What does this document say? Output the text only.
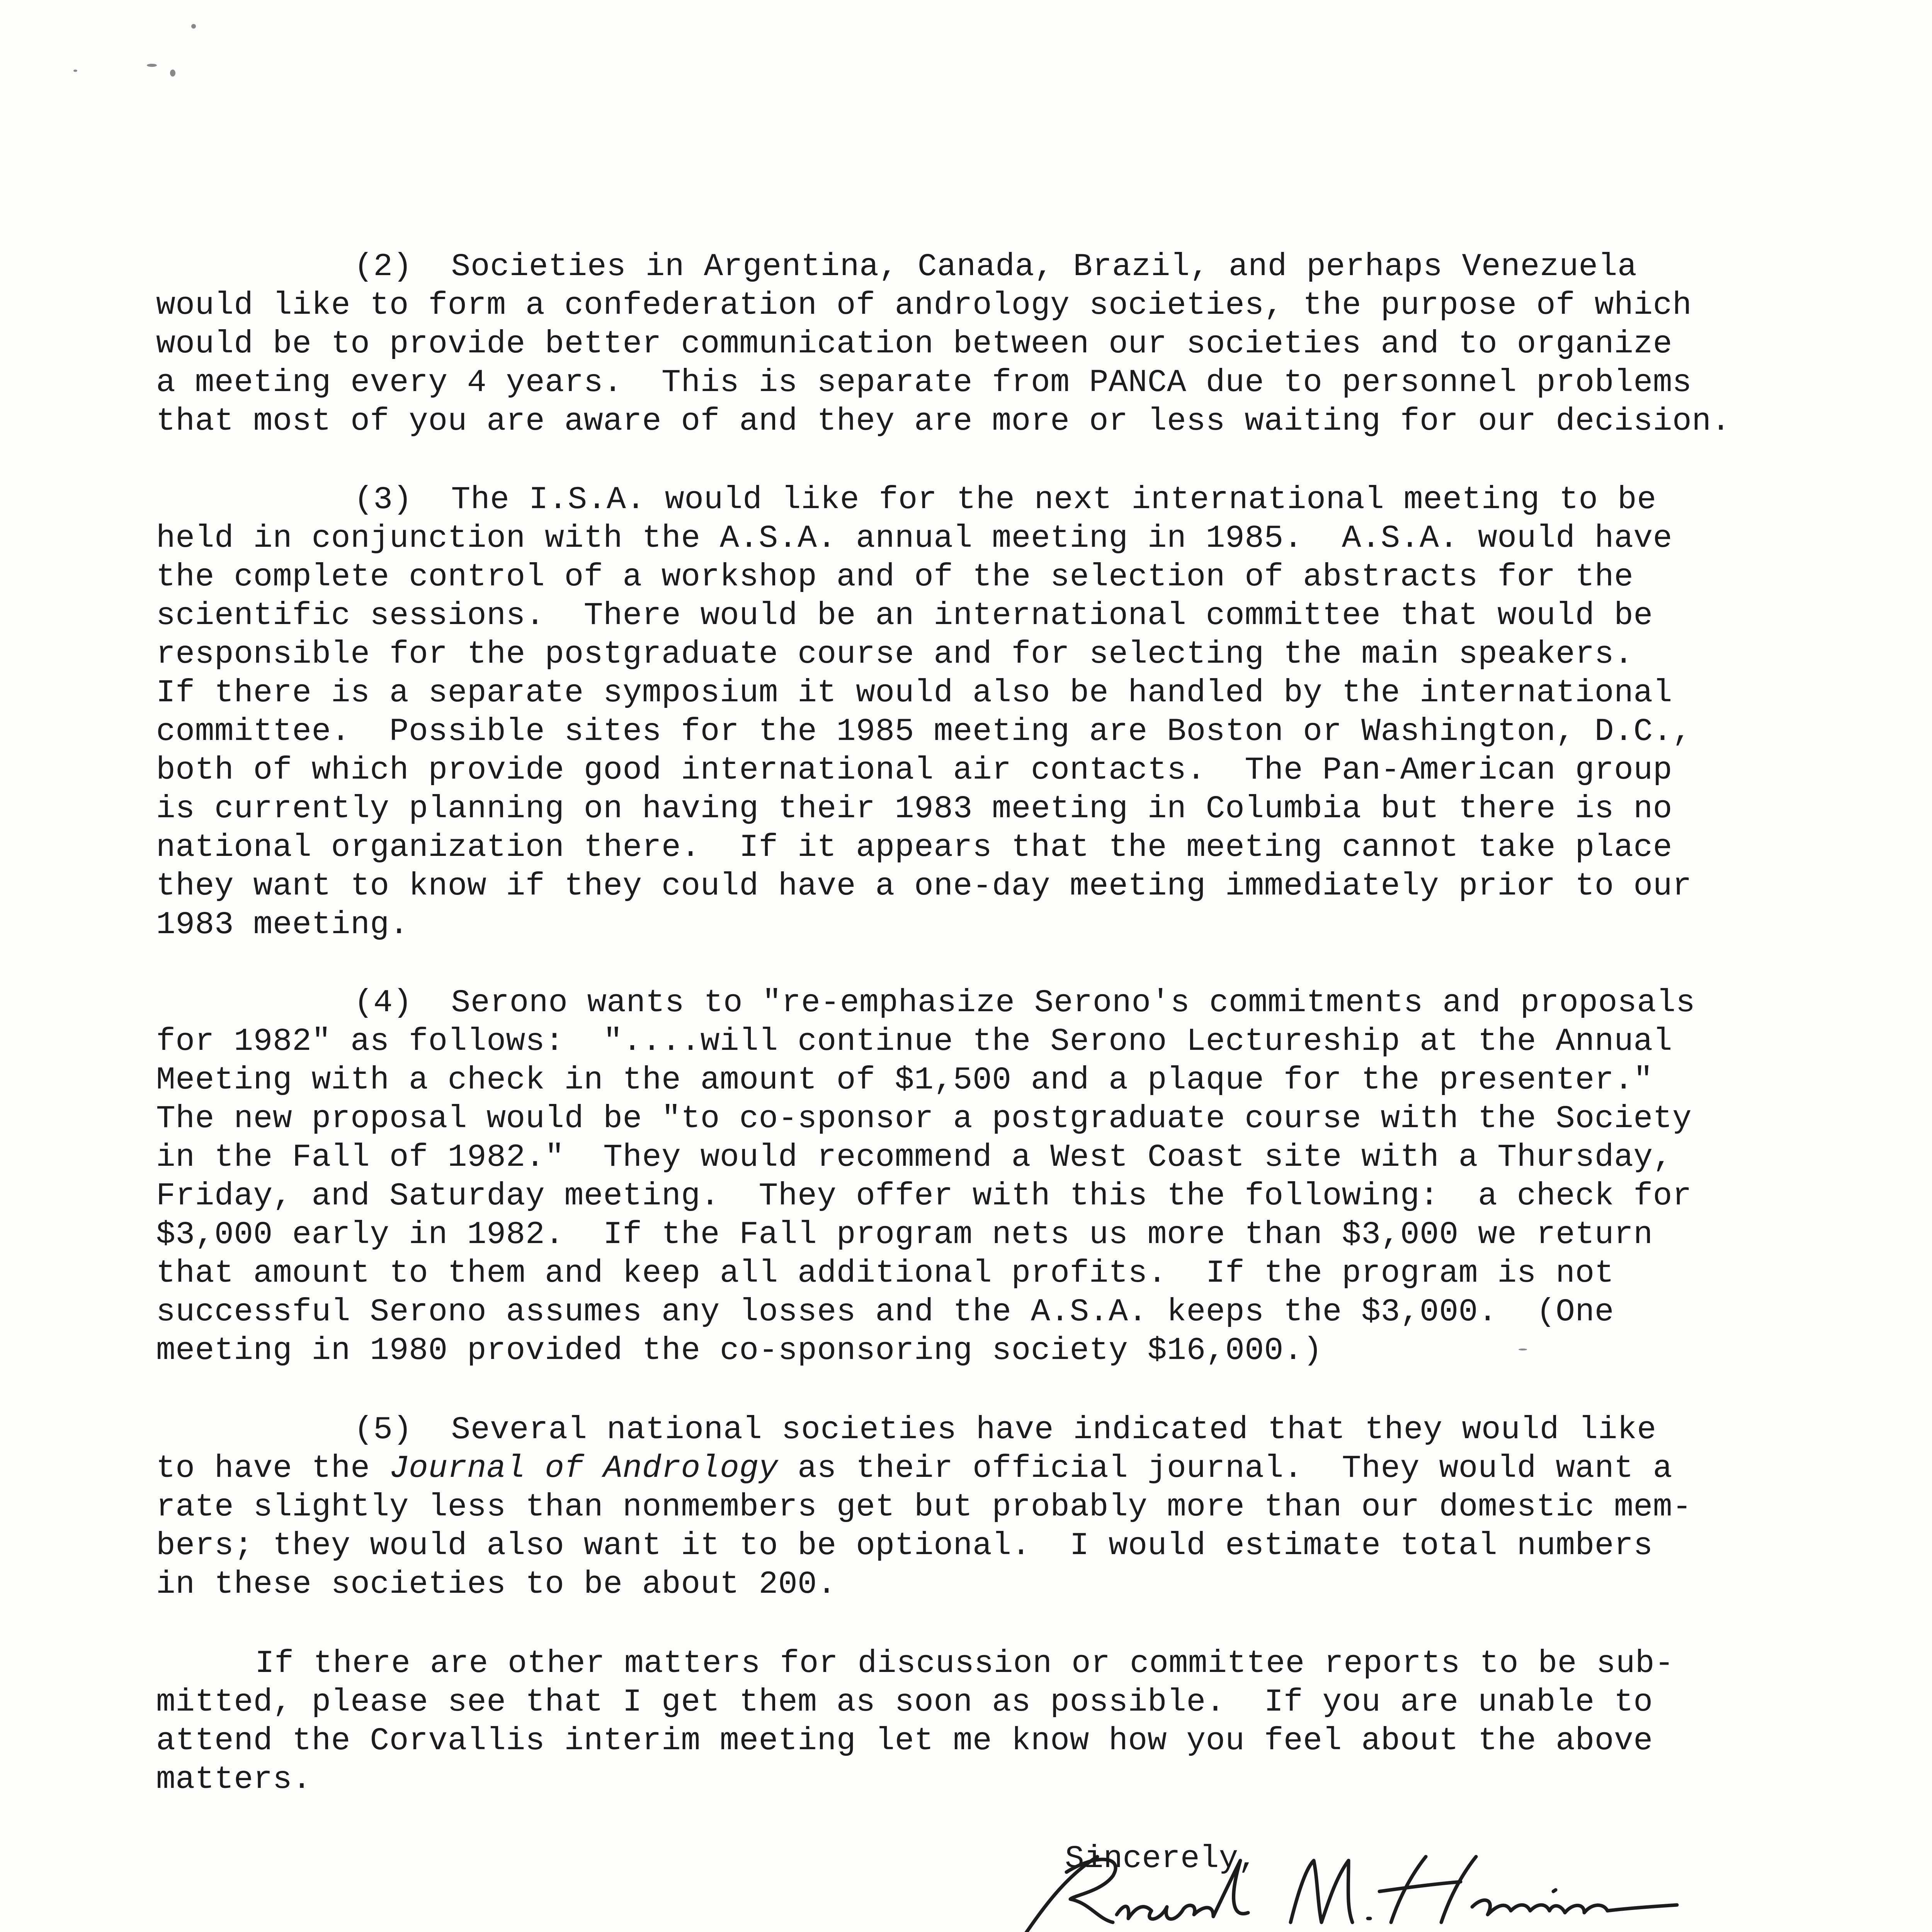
(2)  Societies in Argentina, Canada, Brazil, and perhaps Venezuela
would like to form a confederation of andrology societies, the purpose of which
would be to provide better communication between our societies and to organize
a meeting every 4 years.  This is separate from PANCA due to personnel problems
that most of you are aware of and they are more or less waiting for our decision.
(3)  The I.S.A. would like for the next international meeting to be
held in conjunction with the A.S.A. annual meeting in 1985.  A.S.A. would have
the complete control of a workshop and of the selection of abstracts for the
scientific sessions.  There would be an international committee that would be
responsible for the postgraduate course and for selecting the main speakers.
If there is a separate symposium it would also be handled by the international
committee.  Possible sites for the 1985 meeting are Boston or Washington, D.C.,
both of which provide good international air contacts.  The Pan-American group
is currently planning on having their 1983 meeting in Columbia but there is no
national organization there.  If it appears that the meeting cannot take place
they want to know if they could have a one-day meeting immediately prior to our
1983 meeting.
(4)  Serono wants to "re-emphasize Serono's commitments and proposals
for 1982" as follows:  "....will continue the Serono Lectureship at the Annual
Meeting with a check in the amount of $1,500 and a plaque for the presenter."
The new proposal would be "to co-sponsor a postgraduate course with the Society
in the Fall of 1982."  They would recommend a West Coast site with a Thursday,
Friday, and Saturday meeting.  They offer with this the following:  a check for
$3,000 early in 1982.  If the Fall program nets us more than $3,000 we return
that amount to them and keep all additional profits.  If the program is not
successful Serono assumes any losses and the A.S.A. keeps the $3,000.  (One
meeting in 1980 provided the co-sponsoring society $16,000.)
(5)  Several national societies have indicated that they would like
to have the Journal of Andrology as their official journal.  They would want a
rate slightly less than nonmembers get but probably more than our domestic mem-
bers; they would also want it to be optional.  I would estimate total numbers
in these societies to be about 200.
If there are other matters for discussion or committee reports to be sub-
mitted, please see that I get them as soon as possible.  If you are unable to
attend the Corvallis interim meeting let me know how you feel about the above
matters.
Sincerely,
